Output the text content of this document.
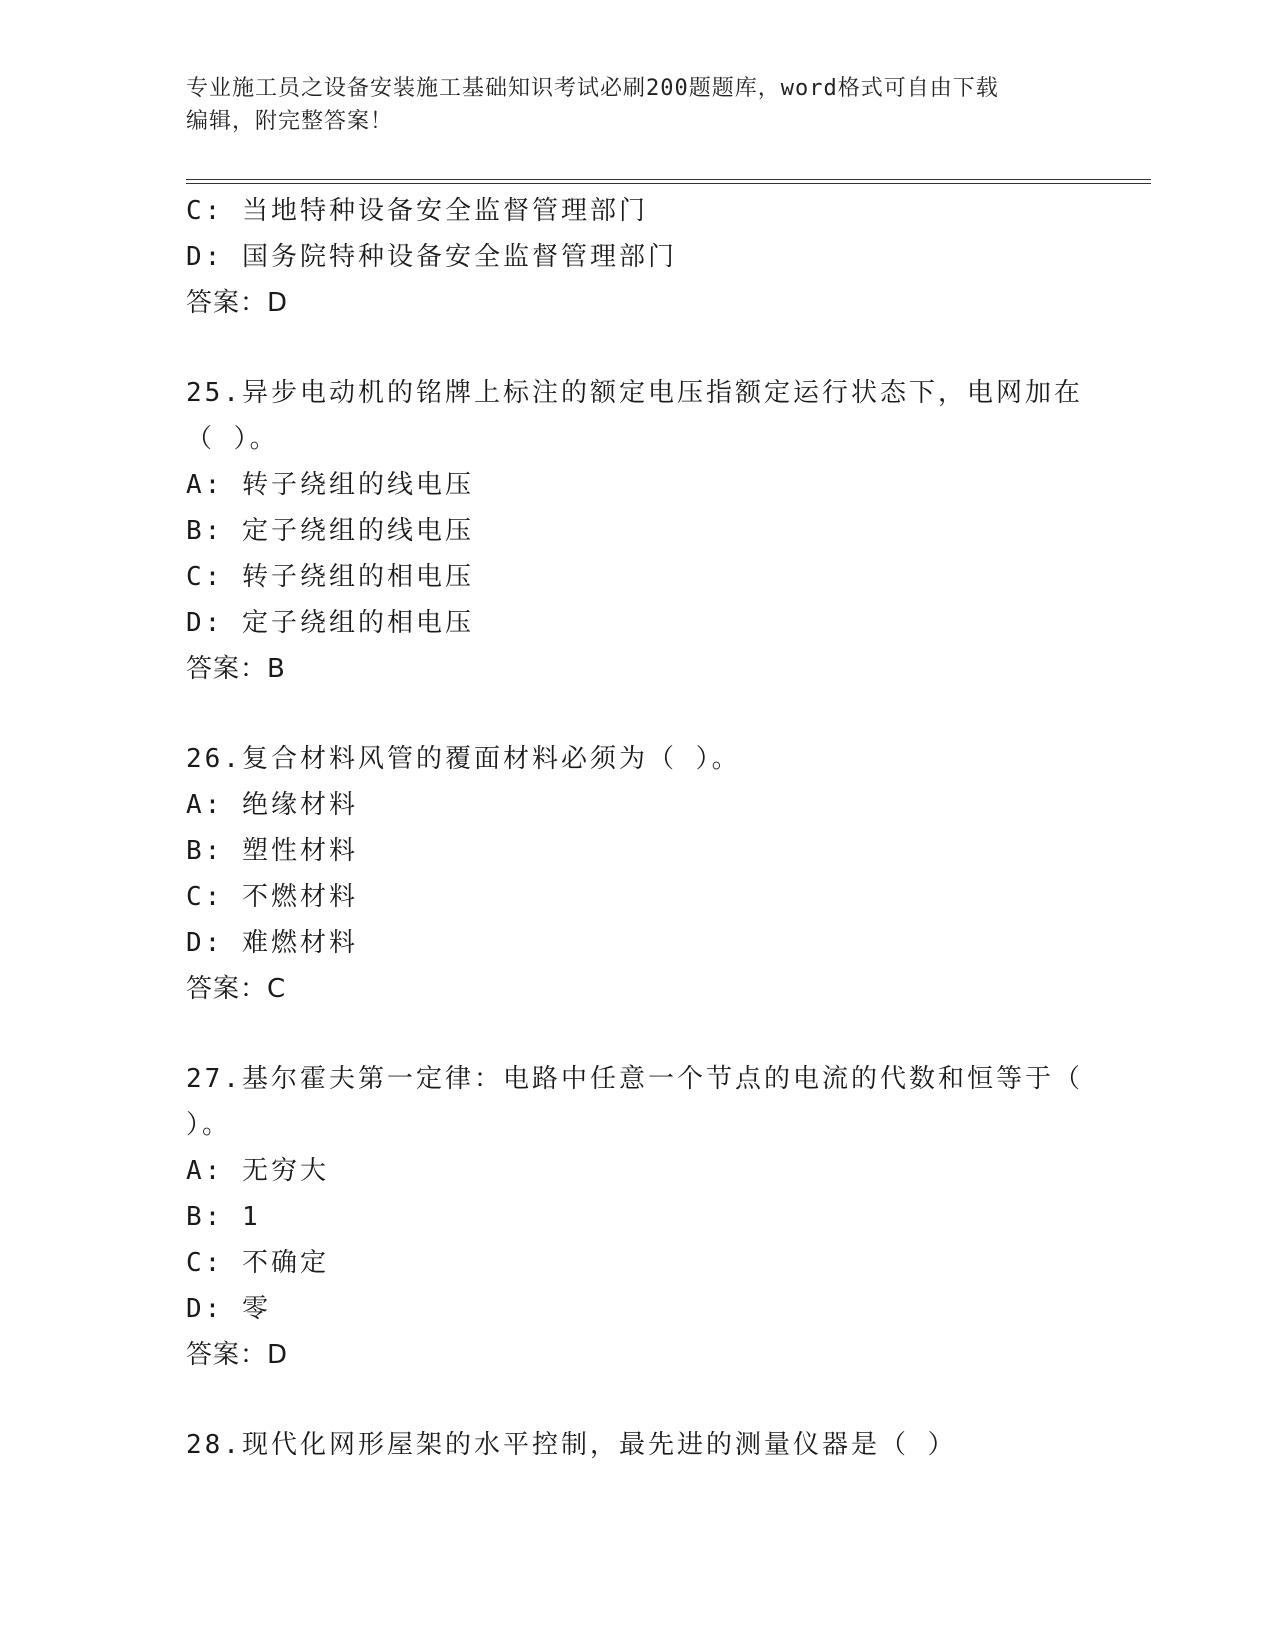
专业施工员之设备安装施工基础知识考试必刷200题题库，word格式可自由下载
编辑，附完整答案！
C: 当地特种设备安全监督管理部门
D: 国务院特种设备安全监督管理部门
答案：D
25.异步电动机的铭牌上标注的额定电压指额定运行状态下，电网加在
（ ）。
A: 转子绕组的线电压
B: 定子绕组的线电压
C: 转子绕组的相电压
D: 定子绕组的相电压
答案：B
26.复合材料风管的覆面材料必须为（ ）。
A: 绝缘材料
B: 塑性材料
C: 不燃材料
D: 难燃材料
答案：C
27.基尔霍夫第一定律：电路中任意一个节点的电流的代数和恒等于（
）。
A: 无穷大
B: 1
C: 不确定
D: 零
答案：D
28.现代化网形屋架的水平控制，最先进的测量仪器是（ ）
